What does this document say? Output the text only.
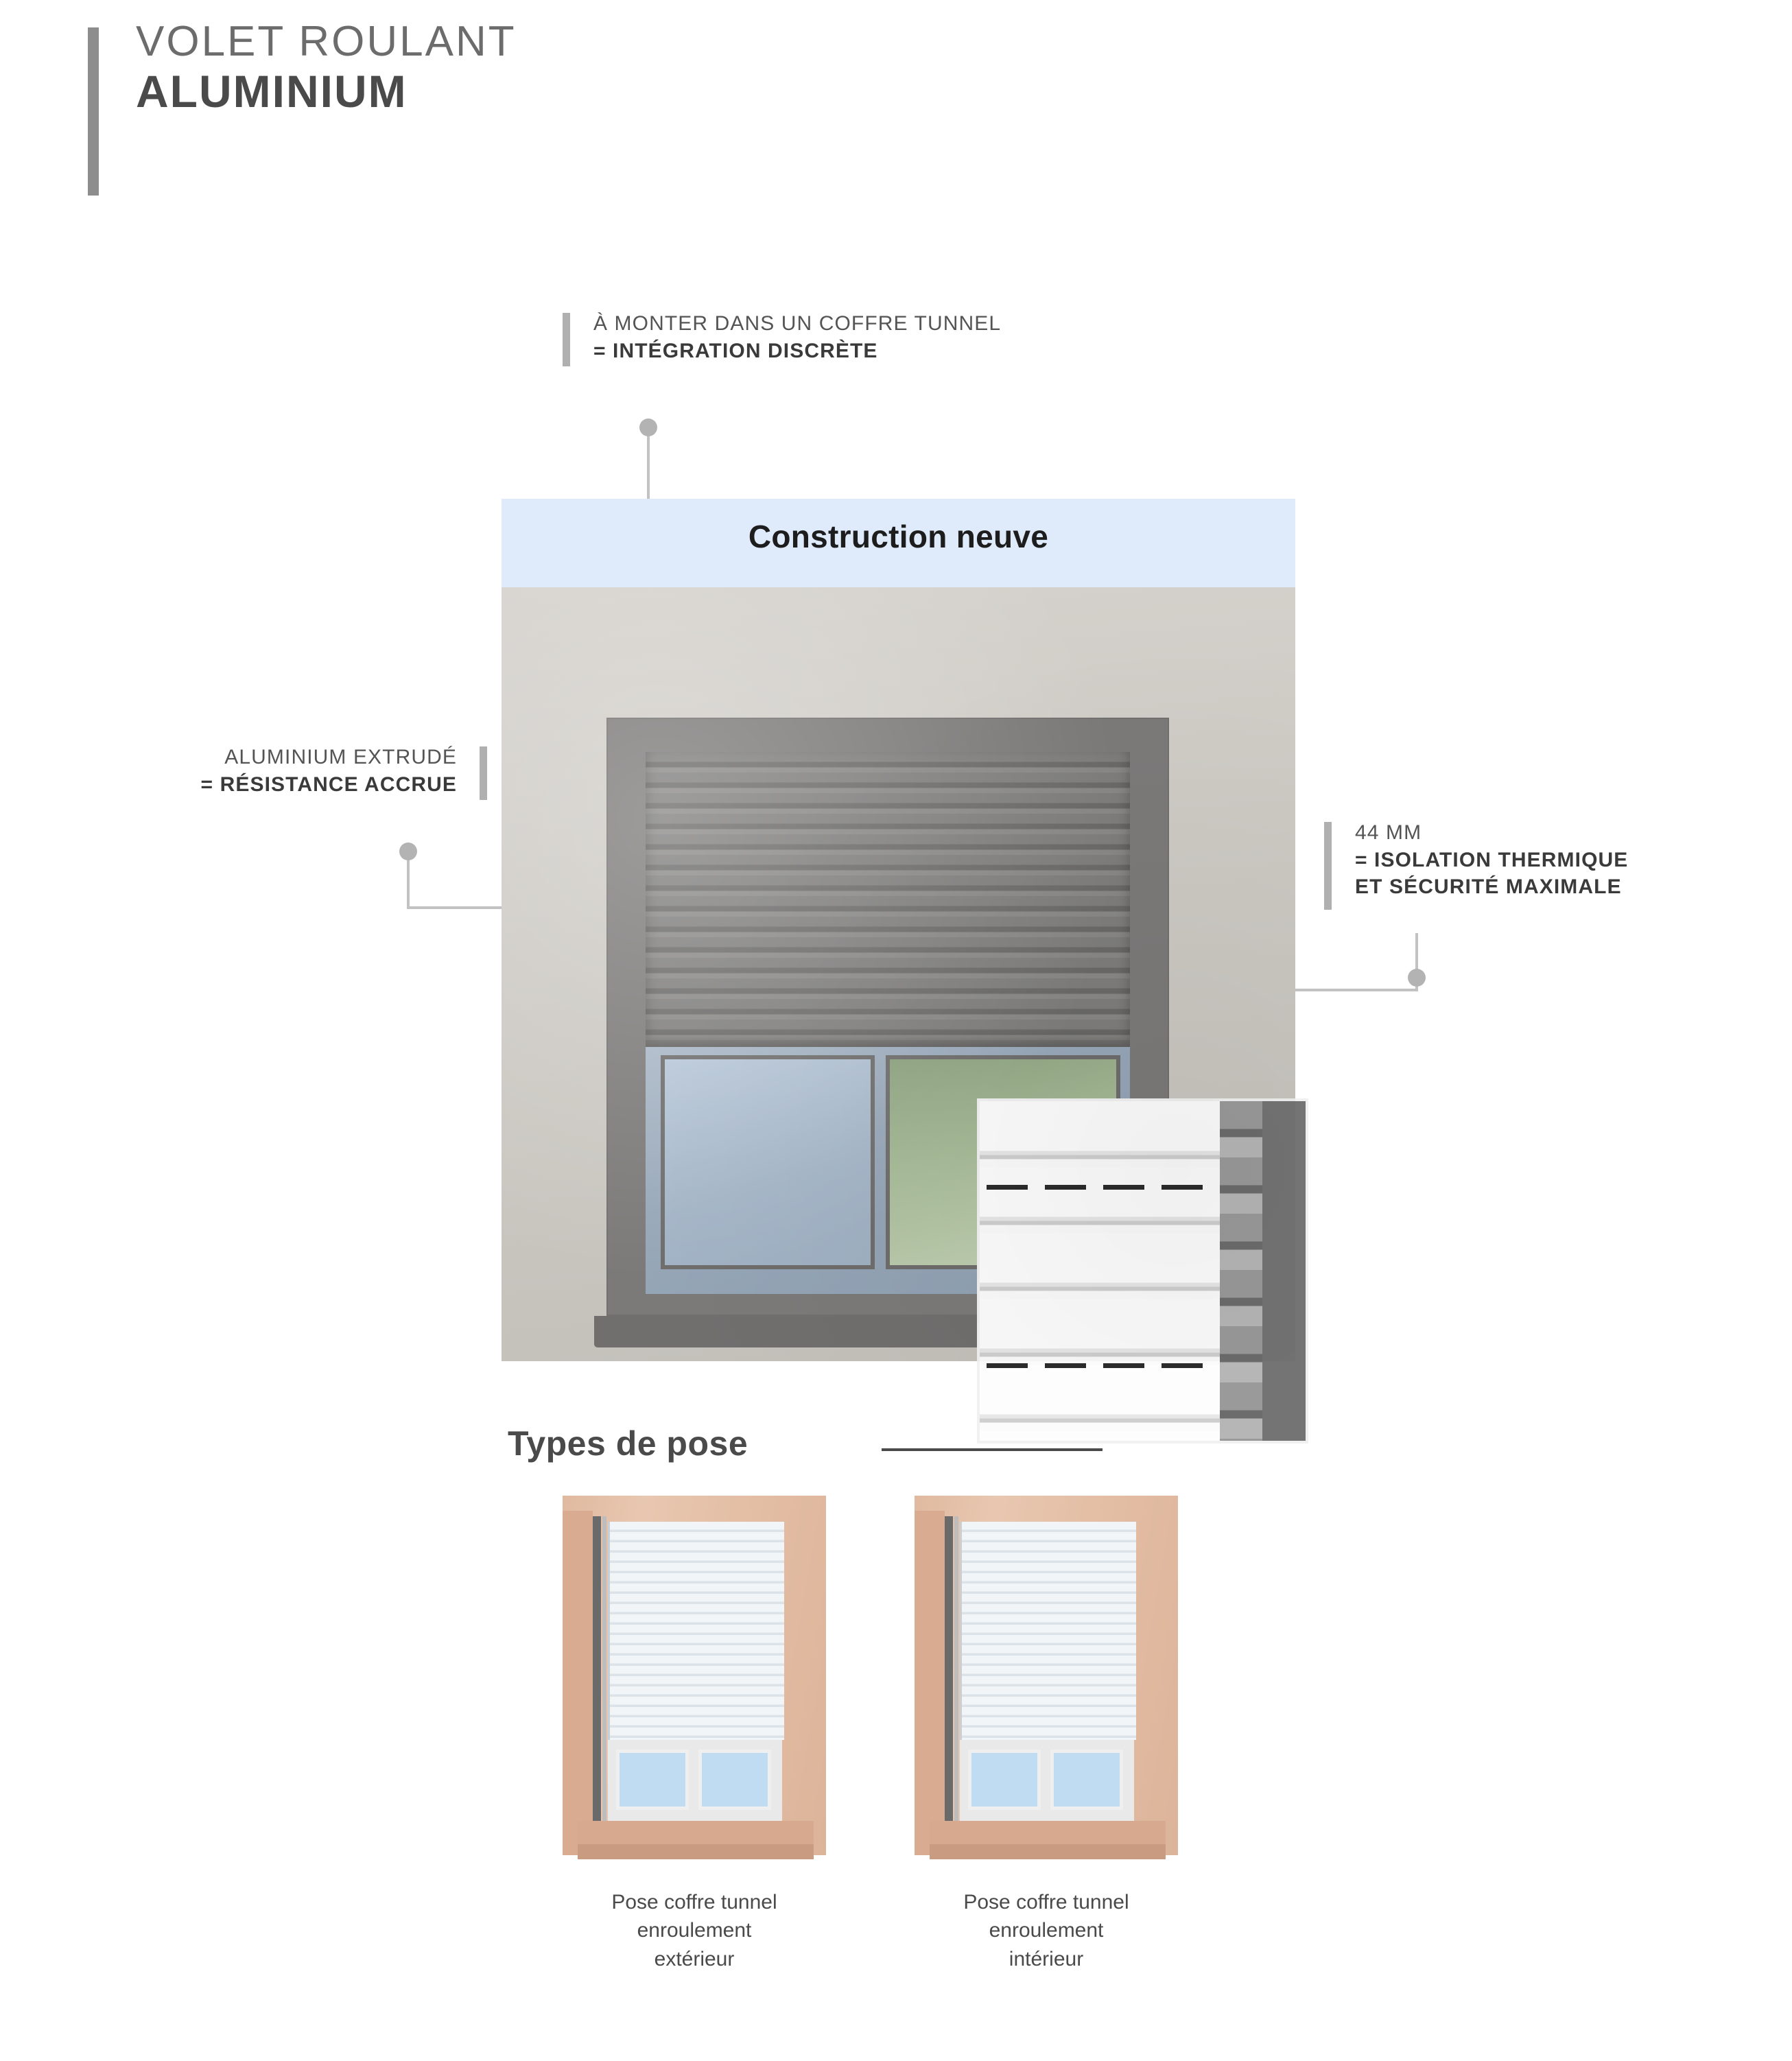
VOLET ROULANT
ALUMINIUM
À MONTER DANS UN COFFRE TUNNEL
= INTÉGRATION DISCRÈTE
ALUMINIUM EXTRUDÉ
= RÉSISTANCE ACCRUE
44 MM
= ISOLATION THERMIQUE
ET SÉCURITÉ MAXIMALE
Construction neuve
Types de pose
Pose coffre tunnel
enroulement
extérieur
Pose coffre tunnel
enroulement
intérieur
